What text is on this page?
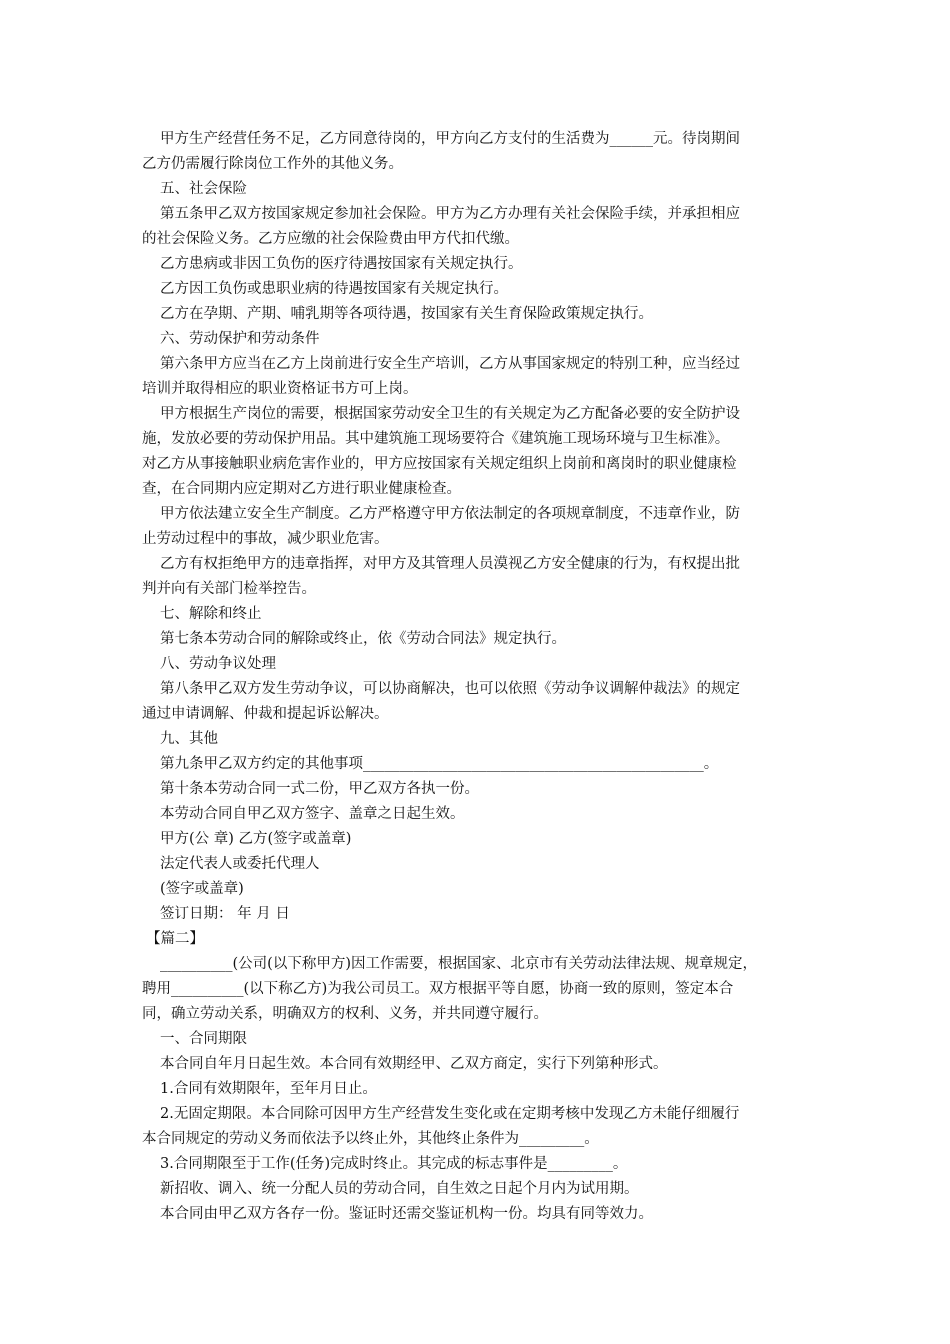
甲方生产经营任务不足，乙方同意待岗的，甲方向乙方支付的生活费为______元。待岗期间
乙方仍需履行除岗位工作外的其他义务。
五、社会保险
第五条甲乙双方按国家规定参加社会保险。甲方为乙方办理有关社会保险手续，并承担相应
的社会保险义务。乙方应缴的社会保险费由甲方代扣代缴。
乙方患病或非因工负伤的医疗待遇按国家有关规定执行。
乙方因工负伤或患职业病的待遇按国家有关规定执行。
乙方在孕期、产期、哺乳期等各项待遇，按国家有关生育保险政策规定执行。
六、劳动保护和劳动条件
第六条甲方应当在乙方上岗前进行安全生产培训，乙方从事国家规定的特别工种，应当经过
培训并取得相应的职业资格证书方可上岗。
甲方根据生产岗位的需要，根据国家劳动安全卫生的有关规定为乙方配备必要的安全防护设
施，发放必要的劳动保护用品。其中建筑施工现场要符合《建筑施工现场环境与卫生标准》。
对乙方从事接触职业病危害作业的，甲方应按国家有关规定组织上岗前和离岗时的职业健康检
查，在合同期内应定期对乙方进行职业健康检查。
甲方依法建立安全生产制度。乙方严格遵守甲方依法制定的各项规章制度，不违章作业，防
止劳动过程中的事故，减少职业危害。
乙方有权拒绝甲方的违章指挥，对甲方及其管理人员漠视乙方安全健康的行为，有权提出批
判并向有关部门检举控告。
七、解除和终止
第七条本劳动合同的解除或终止，依《劳动合同法》规定执行。
八、劳动争议处理
第八条甲乙双方发生劳动争议，可以协商解决，也可以依照《劳动争议调解仲裁法》的规定
通过申请调解、仲裁和提起诉讼解决。
九、其他
第九条甲乙双方约定的其他事项_______________________________________________。
第十条本劳动合同一式二份，甲乙双方各执一份。
本劳动合同自甲乙双方签字、盖章之日起生效。
甲方(公 章) 乙方(签字或盖章)
法定代表人或委托代理人
(签字或盖章)
签订日期： 年 月 日
【篇二】
__________(公司(以下称甲方)因工作需要，根据国家、北京市有关劳动法律法规、规章规定，
聘用__________(以下称乙方)为我公司员工。双方根据平等自愿，协商一致的原则，签定本合
同，确立劳动关系，明确双方的权利、义务，并共同遵守履行。
一、合同期限
本合同自年月日起生效。本合同有效期经甲、乙双方商定，实行下列第种形式。
1.合同有效期限年，至年月日止。
2.无固定期限。本合同除可因甲方生产经营发生变化或在定期考核中发现乙方未能仔细履行
本合同规定的劳动义务而依法予以终止外，其他终止条件为_________。
3.合同期限至于工作(任务)完成时终止。其完成的标志事件是_________。
新招收、调入、统一分配人员的劳动合同，自生效之日起个月内为试用期。
本合同由甲乙双方各存一份。鉴证时还需交鉴证机构一份。均具有同等效力。
